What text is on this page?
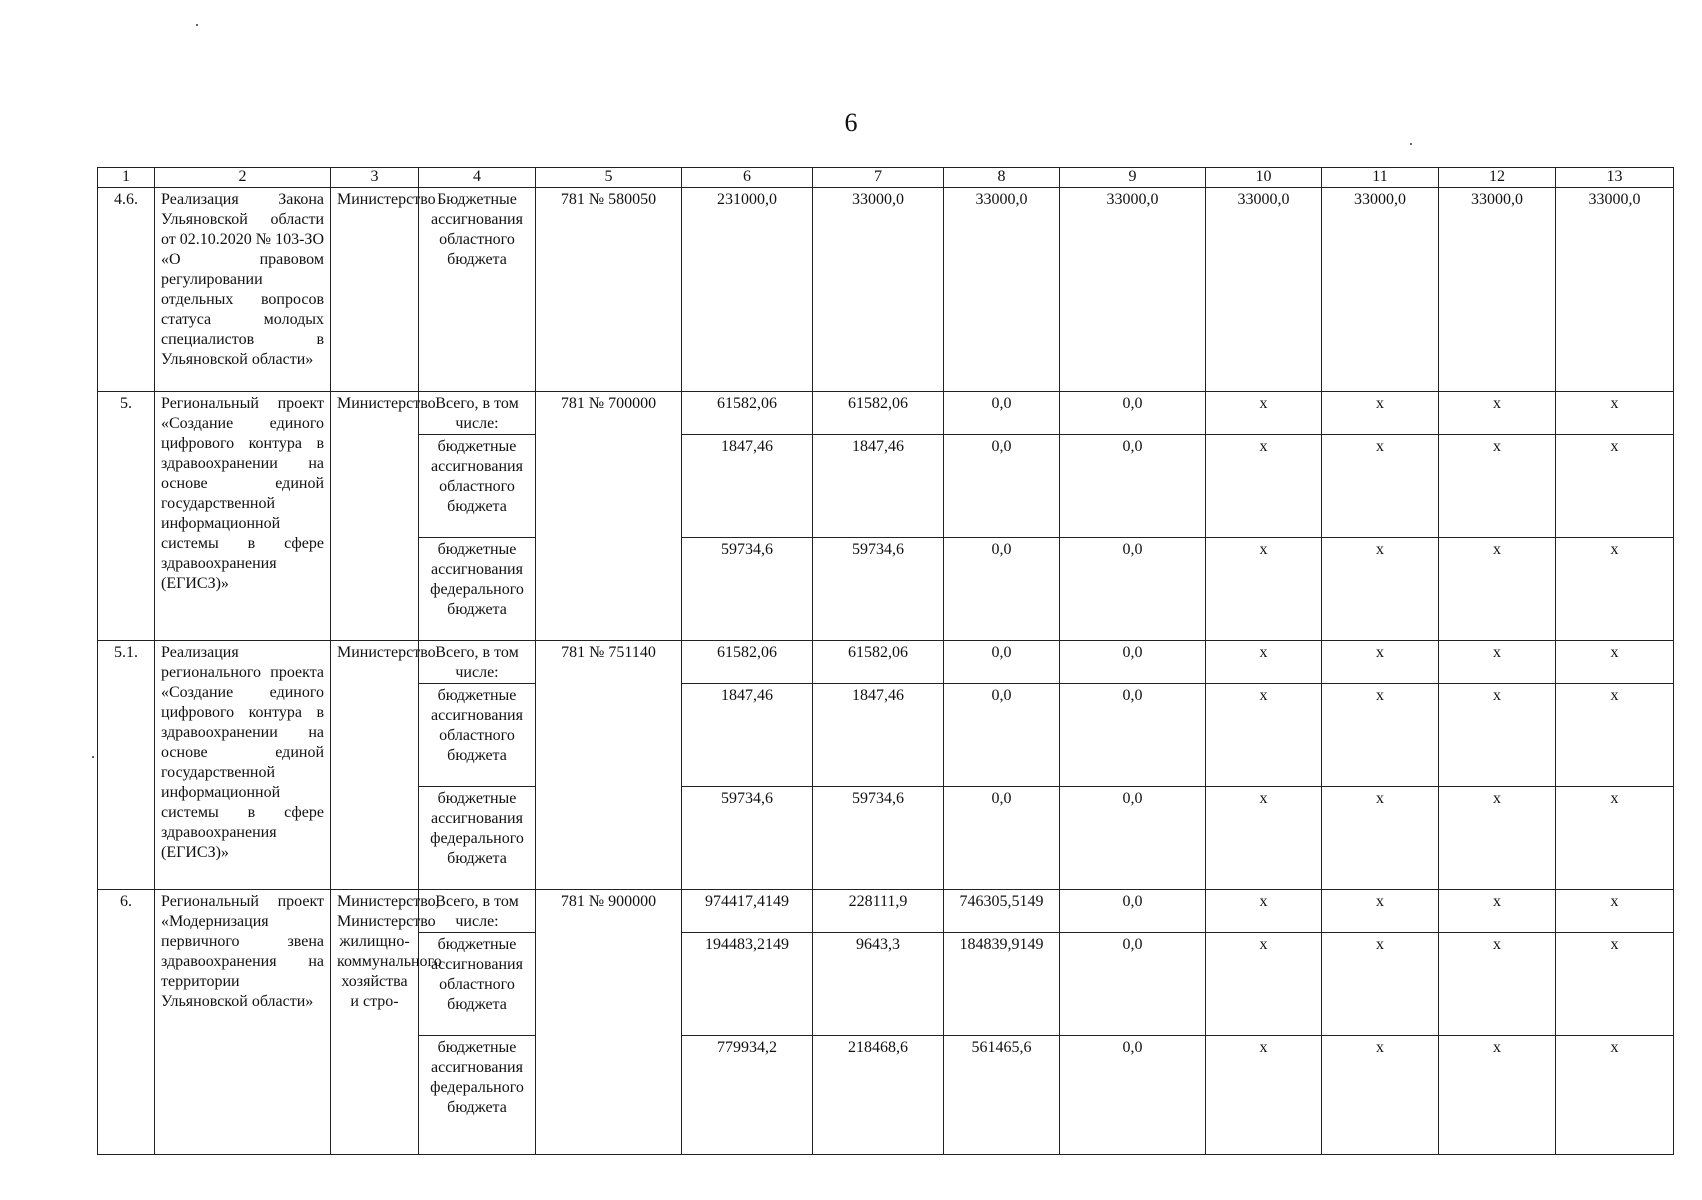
6
1	2	3	4	5	6	7	8	9	10	11	12	13
4.6.	Реализация Закона Ульяновской области от 02.10.2020 № 103-ЗО «О правовом регулировании отдельных вопросов статуса молодых специалистов в Ульяновской области»	Министерство	Бюджетные ассигнования областного бюджета	781 № 580050	231000,0	33000,0	33000,0	33000,0	33000,0	33000,0	33000,0	33000,0
5.	Региональный проект «Создание единого цифрового контура в здравоохранении на основе единой государственной информационной системы в сфере здравоохранения (ЕГИСЗ)»	Министерство	Всего, в том числе:	781 № 700000	61582,06	61582,06	0,0	0,0	x	x	x	x
			бюджетные ассигнования областного бюджета		1847,46	1847,46	0,0	0,0	x	x	x	x
			бюджетные ассигнования федерального бюджета		59734,6	59734,6	0,0	0,0	x	x	x	x
5.1.	Реализация регионального проекта «Создание единого цифрового контура в здравоохранении на основе единой государственной информационной системы в сфере здравоохранения (ЕГИСЗ)»	Министерство	Всего, в том числе:	781 № 751140	61582,06	61582,06	0,0	0,0	x	x	x	x
			бюджетные ассигнования областного бюджета		1847,46	1847,46	0,0	0,0	x	x	x	x
			бюджетные ассигнования федерального бюджета		59734,6	59734,6	0,0	0,0	x	x	x	x
6.	Региональный проект «Модернизация первичного звена здравоохранения на территории Ульяновской области»	Министерство, Министерство жилищно-коммунального хозяйства и стро-	Всего, в том числе:	781 № 900000	974417,4149	228111,9	746305,5149	0,0	x	x	x	x
			бюджетные ассигнования областного бюджета		194483,2149	9643,3	184839,9149	0,0	x	x	x	x
			бюджетные ассигнования федерального бюджета		779934,2	218468,6	561465,6	0,0	x	x	x	x
